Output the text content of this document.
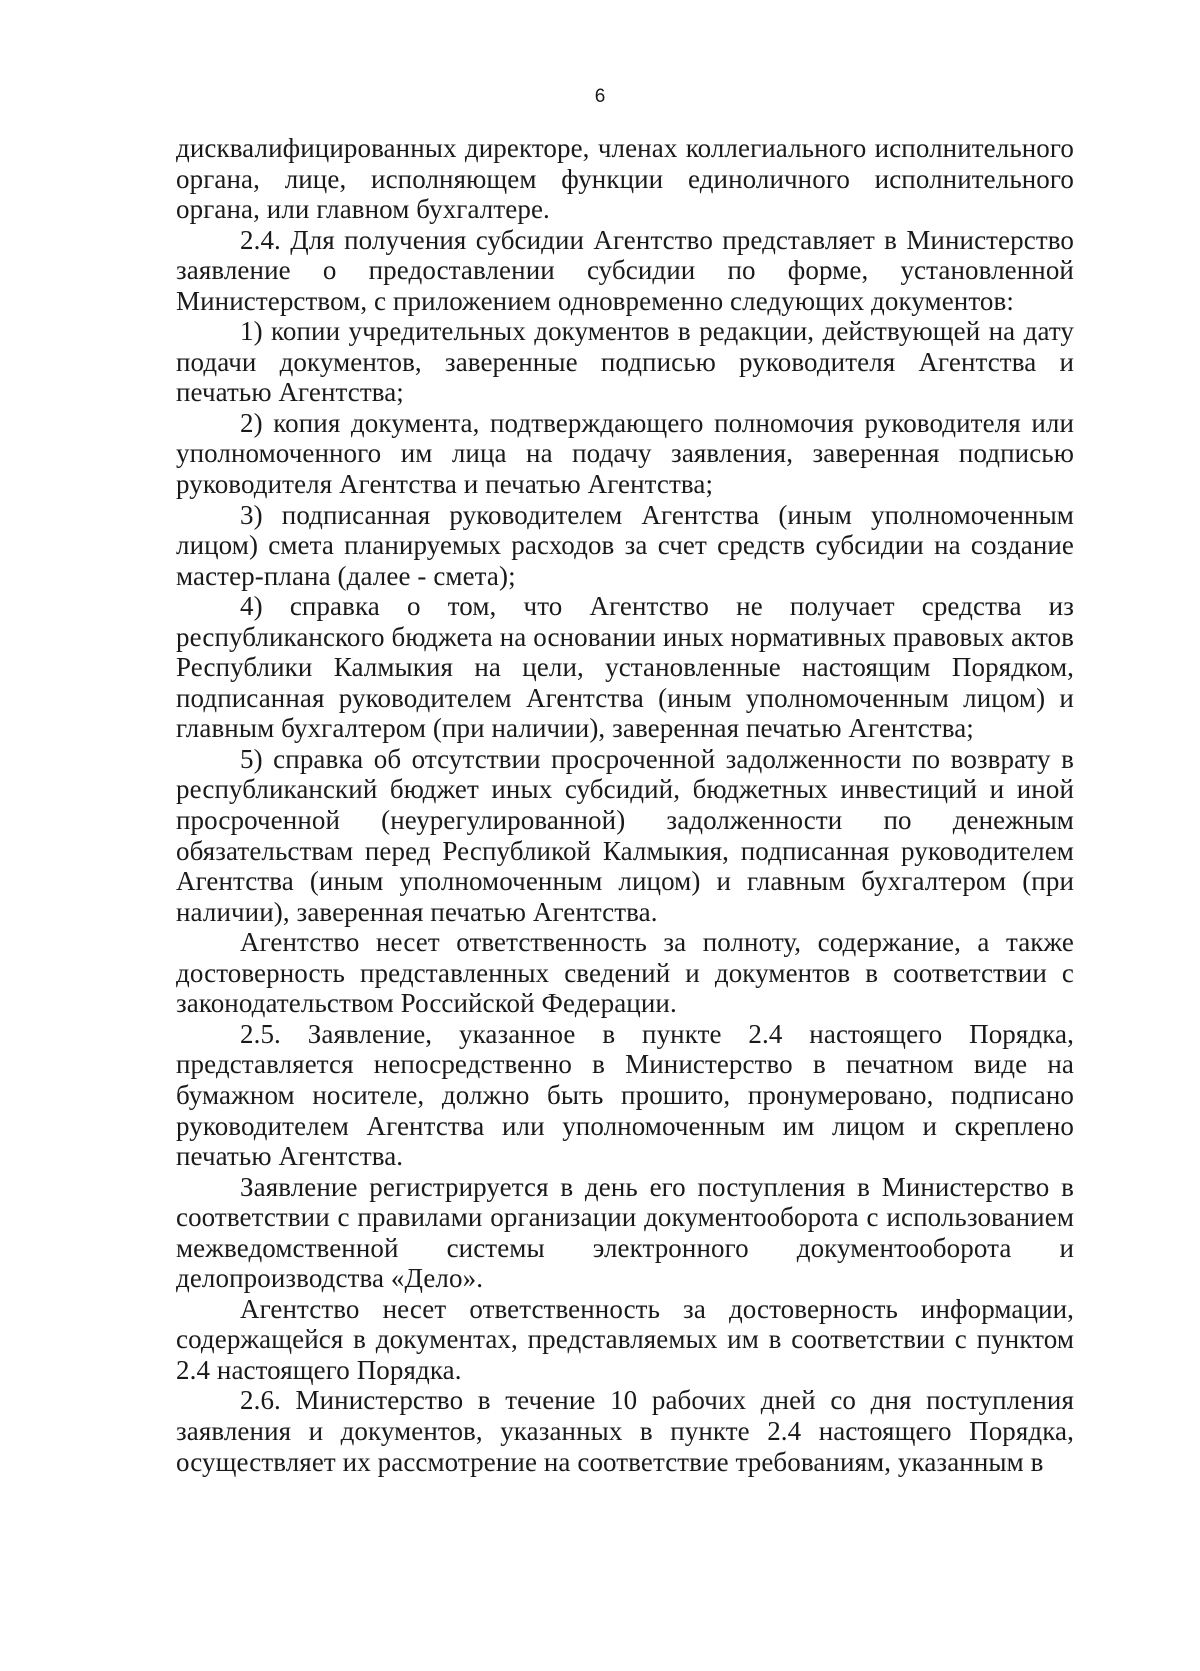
6

дисквалифицированных директоре, членах коллегиального исполнительного органа, лице, исполняющем функции единоличного исполнительного органа, или главном бухгалтере.

2.4. Для получения субсидии Агентство представляет в Министерство заявление о предоставлении субсидии по форме, установленной Министерством, с приложением одновременно следующих документов:

1) копии учредительных документов в редакции, действующей на дату подачи документов, заверенные подписью руководителя Агентства и печатью Агентства;

2) копия документа, подтверждающего полномочия руководителя или уполномоченного им лица на подачу заявления, заверенная подписью руководителя Агентства и печатью Агентства;

3) подписанная руководителем Агентства (иным уполномоченным лицом) смета планируемых расходов за счет средств субсидии на создание мастер-плана (далее - смета);

4) справка о том, что Агентство не получает средства из республиканского бюджета на основании иных нормативных правовых актов Республики Калмыкия на цели, установленные настоящим Порядком, подписанная руководителем Агентства (иным уполномоченным лицом) и главным бухгалтером (при наличии), заверенная печатью Агентства;

5) справка об отсутствии просроченной задолженности по возврату в республиканский бюджет иных субсидий, бюджетных инвестиций и иной просроченной (неурегулированной) задолженности по денежным обязательствам перед Республикой Калмыкия, подписанная руководителем Агентства (иным уполномоченным лицом) и главным бухгалтером (при наличии), заверенная печатью Агентства.

Агентство несет ответственность за полноту, содержание, а также достоверность представленных сведений и документов в соответствии с законодательством Российской Федерации.

2.5. Заявление, указанное в пункте 2.4 настоящего Порядка, представляется непосредственно в Министерство в печатном виде на бумажном носителе, должно быть прошито, пронумеровано, подписано руководителем Агентства или уполномоченным им лицом и скреплено печатью Агентства.

Заявление регистрируется в день его поступления в Министерство в соответствии с правилами организации документооборота с использованием межведомственной системы электронного документооборота и делопроизводства «Дело».

Агентство несет ответственность за достоверность информации, содержащейся в документах, представляемых им в соответствии с пунктом 2.4 настоящего Порядка.

2.6. Министерство в течение 10 рабочих дней со дня поступления заявления и документов, указанных в пункте 2.4 настоящего Порядка, осуществляет их рассмотрение на соответствие требованиям, указанным в
